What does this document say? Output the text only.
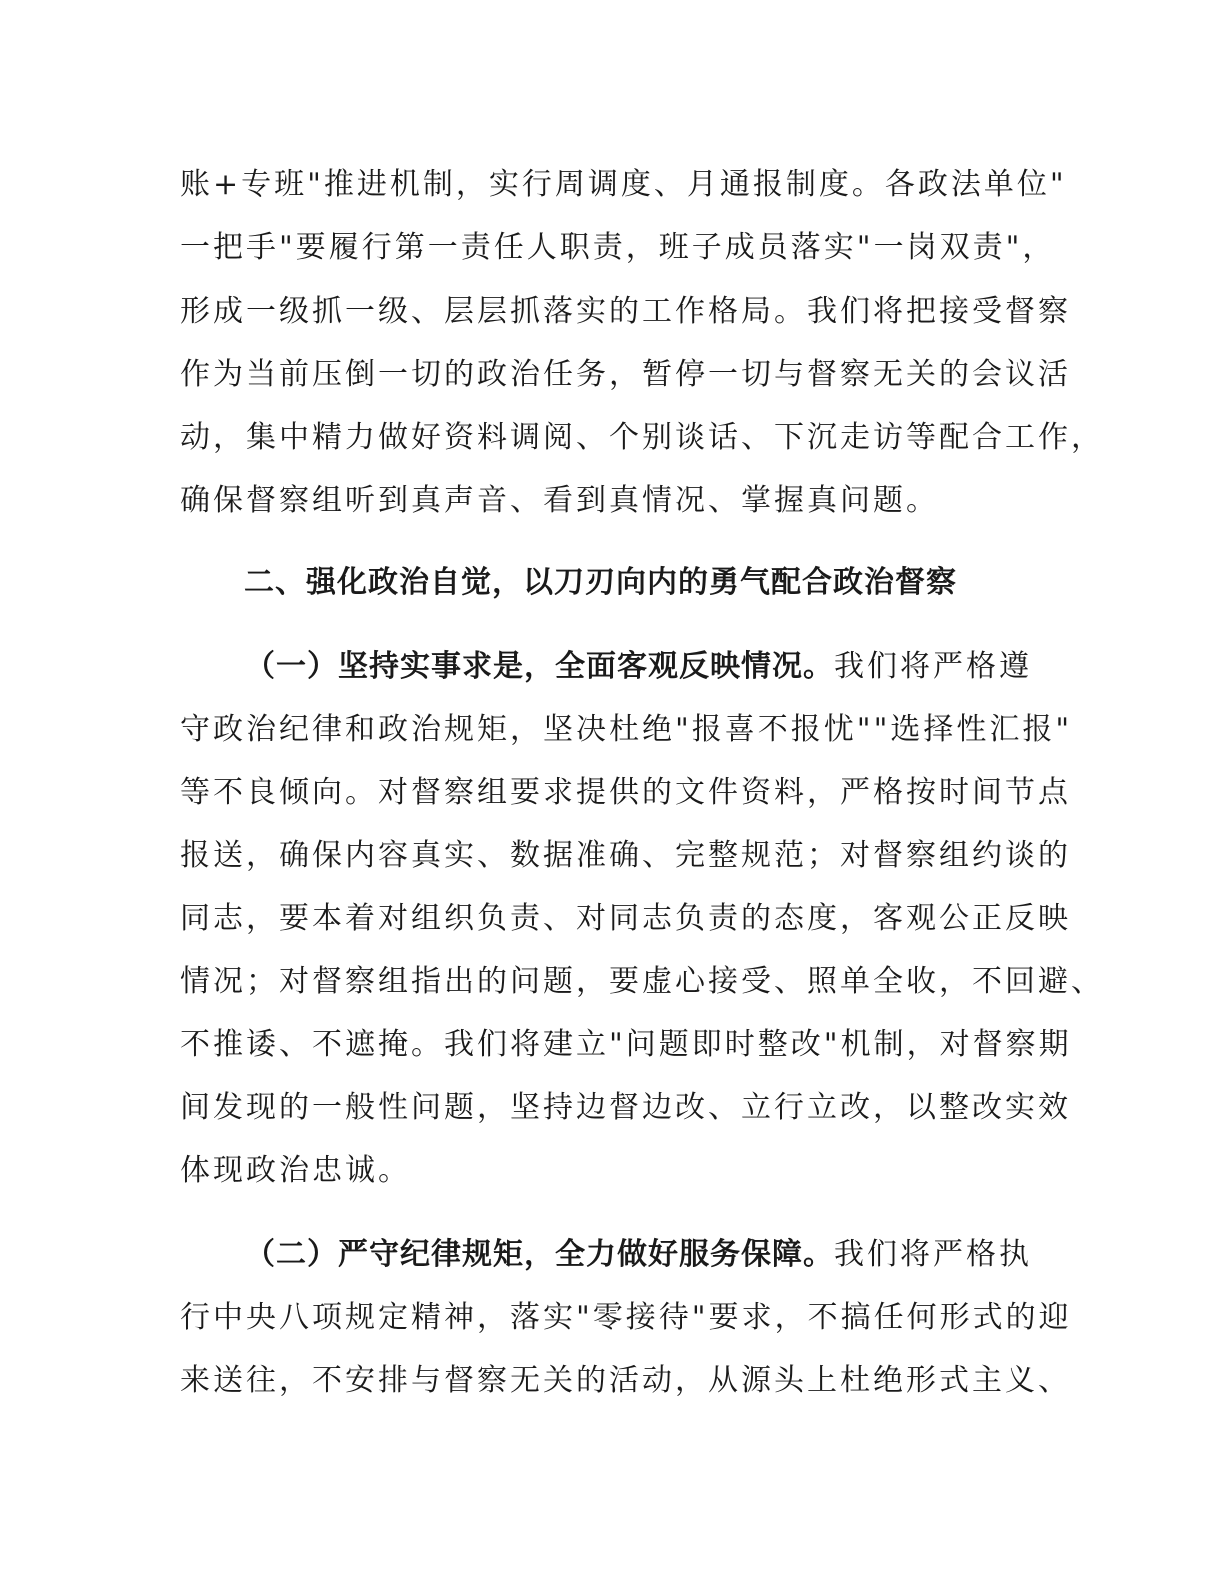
账+专班"推进机制，实行周调度、月通报制度。各政法单位"
一把手"要履行第一责任人职责，班子成员落实"一岗双责"，
形成一级抓一级、层层抓落实的工作格局。我们将把接受督察
作为当前压倒一切的政治任务，暂停一切与督察无关的会议活
动，集中精力做好资料调阅、个别谈话、下沉走访等配合工作，
确保督察组听到真声音、看到真情况、掌握真问题。
二、强化政治自觉，以刀刃向内的勇气配合政治督察
（一）坚持实事求是，全面客观反映情况。我们将严格遵
守政治纪律和政治规矩，坚决杜绝"报喜不报忧""选择性汇报"
等不良倾向。对督察组要求提供的文件资料，严格按时间节点
报送，确保内容真实、数据准确、完整规范；对督察组约谈的
同志，要本着对组织负责、对同志负责的态度，客观公正反映
情况；对督察组指出的问题，要虚心接受、照单全收，不回避、
不推诿、不遮掩。我们将建立"问题即时整改"机制，对督察期
间发现的一般性问题，坚持边督边改、立行立改，以整改实效
体现政治忠诚。
（二）严守纪律规矩，全力做好服务保障。我们将严格执
行中央八项规定精神，落实"零接待"要求，不搞任何形式的迎
来送往，不安排与督察无关的活动，从源头上杜绝形式主义、
